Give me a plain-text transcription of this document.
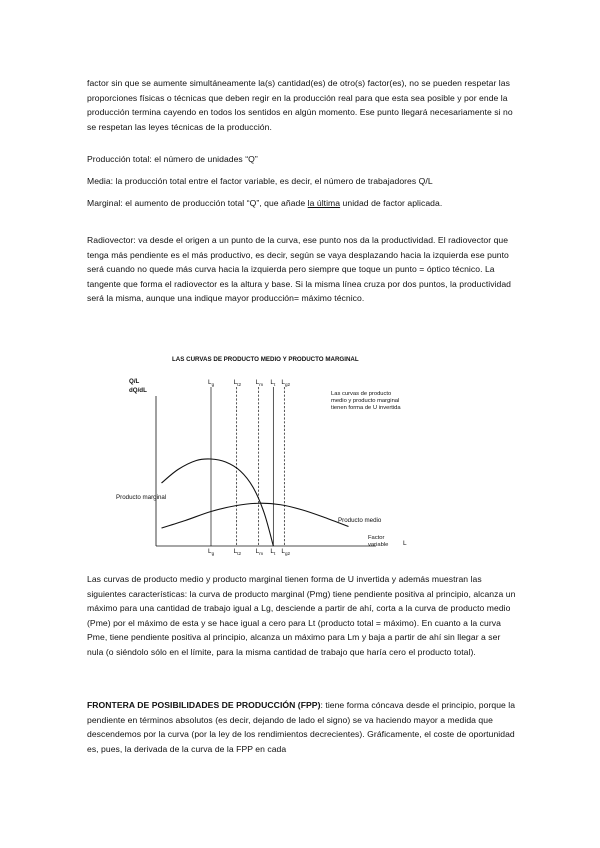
factor sin que se aumente simultáneamente la(s) cantidad(es) de otro(s) factor(es), no se pueden respetar las proporciones físicas o técnicas que deben regir en la producción real para que esta sea posible y por ende la producción termina cayendo en todos los sentidos en algún momento. Ese punto llegará necesariamente si no se respetan las leyes técnicas de la producción.

Producción total: el número de unidades “Q”

Media: la producción total entre el factor variable, es decir, el número de trabajadores Q/L

Marginal: el aumento de producción total “Q”, que añade la última unidad de factor aplicada.

Radiovector: va desde el origen a un punto de la curva, ese punto nos da la productividad. El radiovector que tenga más pendiente es el más productivo, es decir, según se vaya desplazando hacia la izquierda ese punto será cuando no quede más curva hacia la izquierda pero siempre que toque un punto = óptico técnico. La tangente que forma el radiovector es la altura y base. Si la misma línea cruza por dos puntos, la productividad será la misma, aunque una indique mayor producción= máximo técnico.

LAS CURVAS DE PRODUCTO MEDIO Y PRODUCTO MARGINAL
Q/L
dQ/dL
$L_g$
$L_g$
$L_{t2}$
$L_{t2}$
$L_m$
$L_m$
$L_t$
$L_t$
$L_{g2}$
$L_{g2}$
Producto marginal
Producto medio
Las curvas de producto
medio y producto marginal
tienen forma de U invertida
Factor
variable L

Las curvas de producto medio y producto marginal tienen forma de U invertida y además muestran las siguientes características: la curva de producto marginal (Pmg) tiene pendiente positiva al principio, alcanza un máximo para una cantidad de trabajo igual a Lg, desciende a partir de ahí, corta a la curva de producto medio (Pme) por el máximo de esta y se hace igual a cero para Lt (producto total = máximo). En cuanto a la curva Pme, tiene pendiente positiva al principio, alcanza un máximo para Lm y baja a partir de ahí sin llegar a ser nula (o siéndolo sólo en el límite, para la misma cantidad de trabajo que haría cero el producto total).

FRONTERA DE POSIBILIDADES DE PRODUCCIÓN (FPP): tiene forma cóncava desde el principio, porque la pendiente en términos absolutos (es decir, dejando de lado el signo) se va haciendo mayor a medida que descendemos por la curva (por la ley de los rendimientos decrecientes). Gráficamente, el coste de oportunidad es, pues, la derivada de la curva de la FPP en cada
